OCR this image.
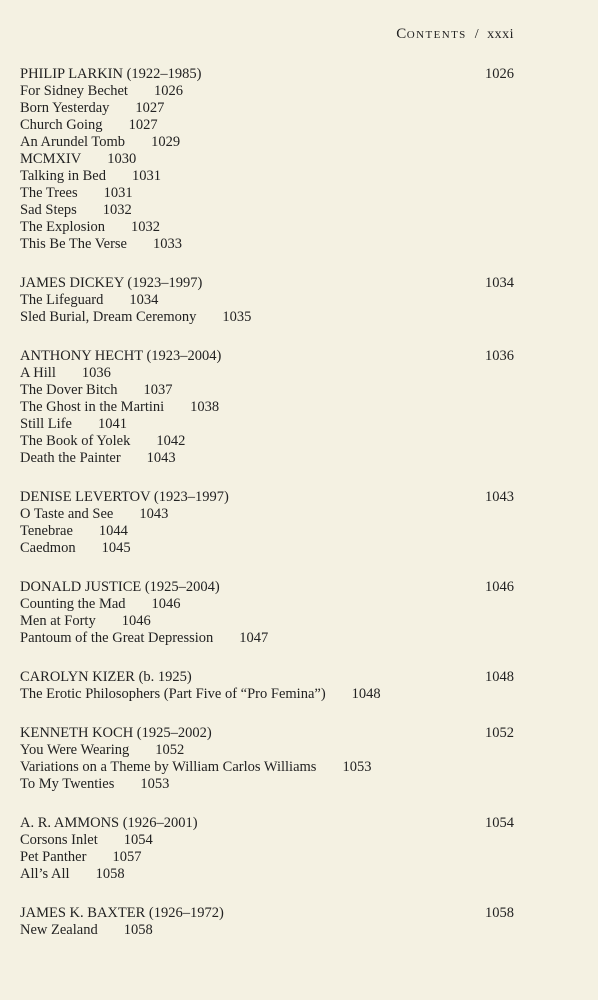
CONTENTS / xxxi
PHILIP LARKIN (1922–1985)	1026
For Sidney Bechet 1026
Born Yesterday 1027
Church Going 1027
An Arundel Tomb 1029
MCMXIV 1030
Talking in Bed 1031
The Trees 1031
Sad Steps 1032
The Explosion 1032
This Be The Verse 1033
JAMES DICKEY (1923–1997)	1034
The Lifeguard 1034
Sled Burial, Dream Ceremony 1035
ANTHONY HECHT (1923–2004)	1036
A Hill 1036
The Dover Bitch 1037
The Ghost in the Martini 1038
Still Life 1041
The Book of Yolek 1042
Death the Painter 1043
DENISE LEVERTOV (1923–1997)	1043
O Taste and See 1043
Tenebrae 1044
Caedmon 1045
DONALD JUSTICE (1925–2004)	1046
Counting the Mad 1046
Men at Forty 1046
Pantoum of the Great Depression 1047
CAROLYN KIZER (b. 1925)	1048
The Erotic Philosophers (Part Five of “Pro Femina”) 1048
KENNETH KOCH (1925–2002)	1052
You Were Wearing 1052
Variations on a Theme by William Carlos Williams 1053
To My Twenties 1053
A. R. AMMONS (1926–2001)	1054
Corsons Inlet 1054
Pet Panther 1057
All’s All 1058
JAMES K. BAXTER (1926–1972)	1058
New Zealand 1058
